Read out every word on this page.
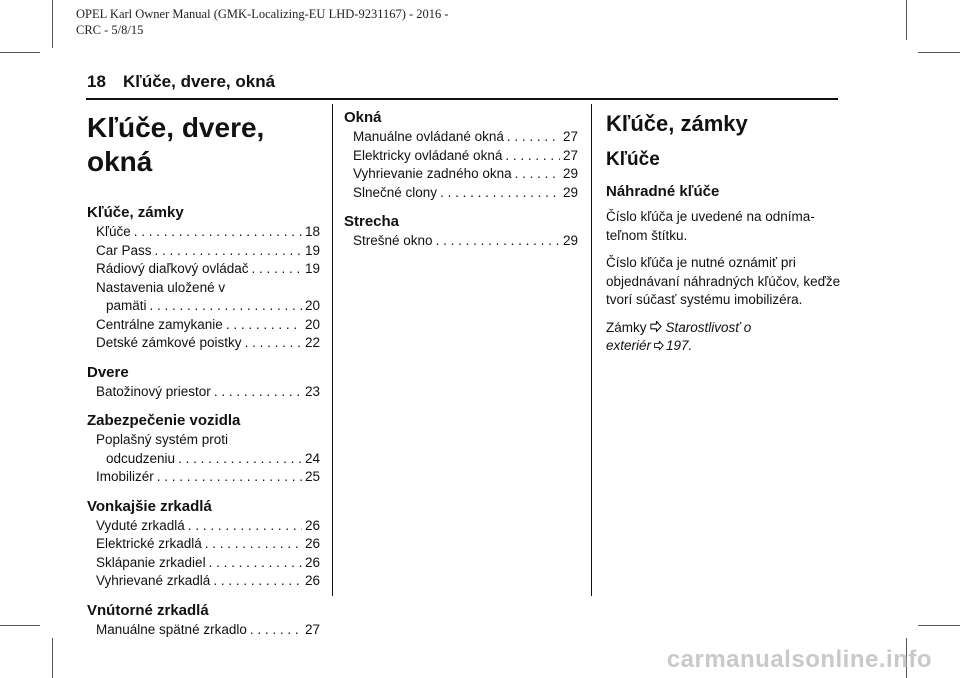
OPEL Karl Owner Manual (GMK-Localizing-EU LHD-9231167) - 2016 -
CRC - 5/8/15
18 Kľúče, dvere, okná
Kľúče, dvere, okná
Kľúče, zámky
Kľúče . . .	18
Car Pass . . .	19
Rádiový diaľkový ovládač . . .	19
Nastavenia uložené v
pamäti . . .	20
Centrálne zamykanie . . .	20
Detské zámkové poistky . . .	22
Dvere
Batožinový priestor . . .	23
Zabezpečenie vozidla
Poplašný systém proti
odcudzeniu . . .	24
Imobilizér . . .	25
Vonkajšie zrkadlá
Vyduté zrkadlá . . .	26
Elektrické zrkadlá . . .	26
Sklápanie zrkadiel . . .	26
Vyhrievané zrkadlá . . .	26
Vnútorné zrkadlá
Manuálne spätné zrkadlo . . .	27
Okná
Manuálne ovládané okná . . .	27
Elektricky ovládané okná . . .	27
Vyhrievanie zadného okna . . .	29
Slnečné clony . . .	29
Strecha
Strešné okno . . .	29
Kľúče, zámky
Kľúče
Náhradné kľúče

Číslo kľúča je uvedené na odnímateľnom štítku.

Číslo kľúča je nutné oznámiť pri objednávaní náhradných kľúčov, keďže tvorí súčasť systému imobilizéra.

Zámky Starostlivosť o
exteriér 197.

carmanualsonline.info
